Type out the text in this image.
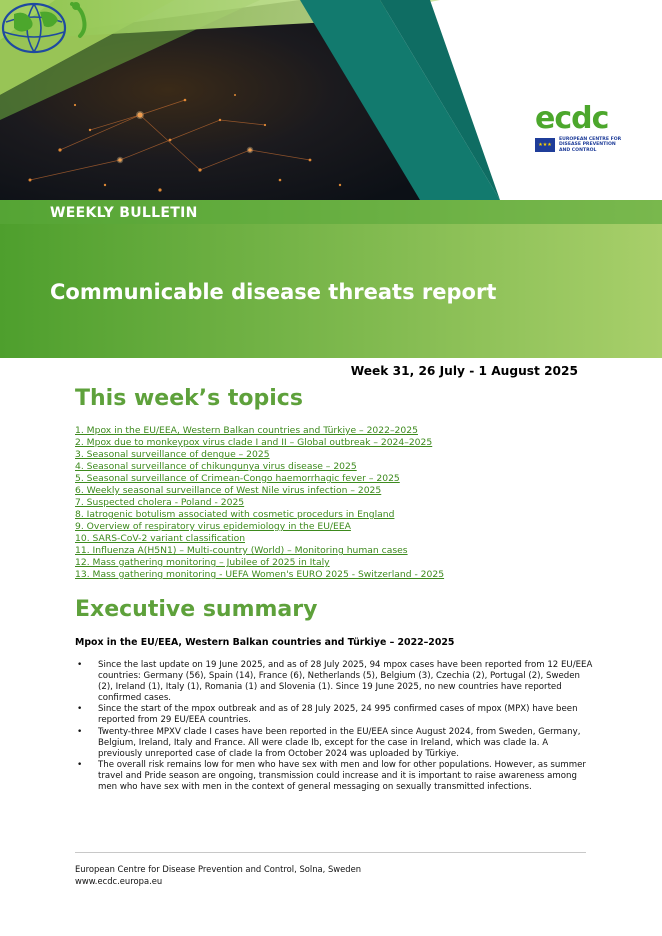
ecdc
★★★
EUROPEAN CENTRE FOR
DISEASE PREVENTION
AND CONTROL
WEEKLY BULLETIN
Communicable disease threats report
Week 31, 26 July - 1 August 2025
This week’s topics
1. Mpox in the EU/EEA, Western Balkan countries and Türkiye – 2022–2025
2. Mpox due to monkeypox virus clade I and II – Global outbreak – 2024–2025
3. Seasonal surveillance of dengue – 2025
4. Seasonal surveillance of chikungunya virus disease – 2025
5. Seasonal surveillance of Crimean-Congo haemorrhagic fever – 2025
6. Weekly seasonal surveillance of West Nile virus infection – 2025
7. Suspected cholera - Poland - 2025
8. Iatrogenic botulism associated with cosmetic procedurs in England
9. Overview of respiratory virus epidemiology in the EU/EEA
10. SARS-CoV-2 variant classification
11. Influenza A(H5N1) – Multi-country (World) – Monitoring human cases
12. Mass gathering monitoring – Jubilee of 2025 in Italy
13. Mass gathering monitoring - UEFA Women's EURO 2025 - Switzerland - 2025
Executive summary
Mpox in the EU/EEA, Western Balkan countries and Türkiye – 2022–2025
• Since the last update on 19 June 2025, and as of 28 July 2025, 94 mpox cases have been reported from 12 EU/EEA countries: Germany (56), Spain (14), France (6), Netherlands (5), Belgium (3), Czechia (2), Portugal (2), Sweden (2), Ireland (1), Italy (1), Romania (1) and Slovenia (1). Since 19 June 2025, no new countries have reported confirmed cases.
• Since the start of the mpox outbreak and as of 28 July 2025, 24 995 confirmed cases of mpox (MPX) have been reported from 29 EU/EEA countries.
• Twenty-three MPXV clade I cases have been reported in the EU/EEA since August 2024, from Sweden, Germany, Belgium, Ireland, Italy and France. All were clade Ib, except for the case in Ireland, which was clade Ia. A previously unreported case of clade Ia from October 2024 was uploaded by Türkiye.
• The overall risk remains low for men who have sex with men and low for other populations. However, as summer travel and Pride season are ongoing, transmission could increase and it is important to raise awareness among men who have sex with men in the context of general messaging on sexually transmitted infections.
European Centre for Disease Prevention and Control, Solna, Sweden
www.ecdc.europa.eu
